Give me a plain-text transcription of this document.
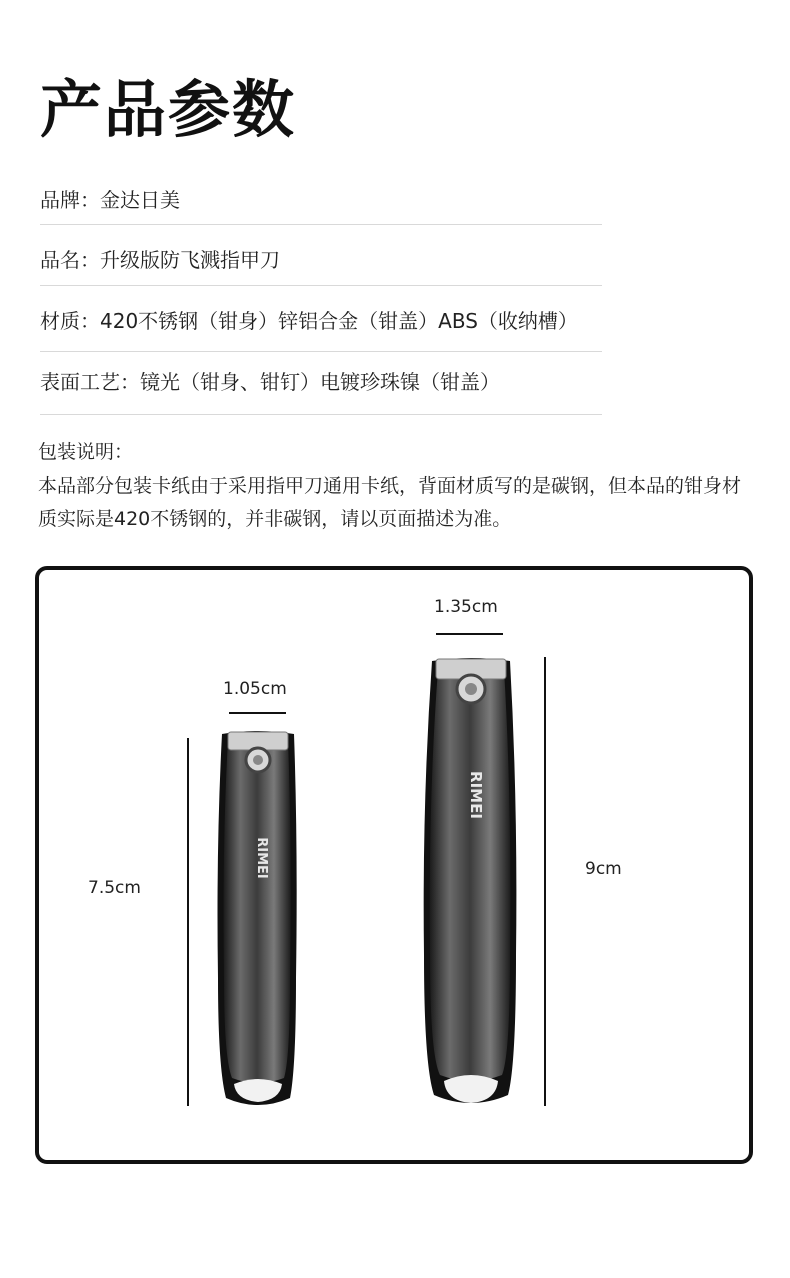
产品参数
品牌：金达日美
品名：升级版防飞溅指甲刀
材质：420不锈钢（钳身）锌铝合金（钳盖）ABS（收纳槽）
表面工艺：镜光（钳身、钳钉）电镀珍珠镍（钳盖）
包装说明：
本品部分包装卡纸由于采用指甲刀通用卡纸，背面材质写的是碳钢，但本品的钳身材质实际是420不锈钢的，并非碳钢，请以页面描述为准。
1.05cm
7.5cm
1.35cm
9cm
RIMEI
RIMEI
